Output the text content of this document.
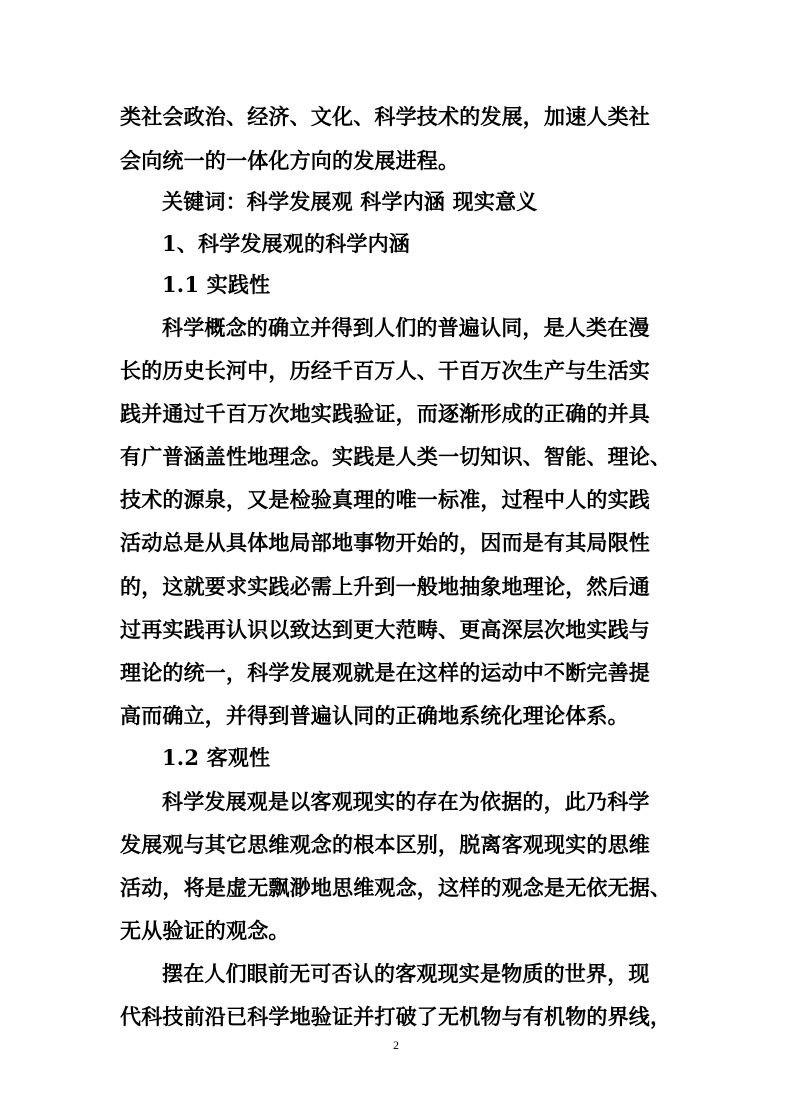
类社会政治、经济、文化、科学技术的发展，加速人类社
会向统一的一体化方向的发展进程。
关键词：科学发展观 科学内涵 现实意义
1、科学发展观的科学内涵
1.1 实践性
科学概念的确立并得到人们的普遍认同，是人类在漫
长的历史长河中，历经千百万人、干百万次生产与生活实
践并通过千百万次地实践验证，而逐渐形成的正确的并具
有广普涵盖性地理念。实践是人类一切知识、智能、理论、
技术的源泉，又是检验真理的唯一标准，过程中人的实践
活动总是从具体地局部地事物开始的，因而是有其局限性
的，这就要求实践必需上升到一般地抽象地理论，然后通
过再实践再认识以致达到更大范畴、更高深层次地实践与
理论的统一，科学发展观就是在这样的运动中不断完善提
高而确立，并得到普遍认同的正确地系统化理论体系。
1.2 客观性
科学发展观是以客观现实的存在为依据的，此乃科学
发展观与其它思维观念的根本区别，脱离客观现实的思维
活动，将是虚无飘渺地思维观念，这样的观念是无依无据、
无从验证的观念。
摆在人们眼前无可否认的客观现实是物质的世界，现
代科技前沿已科学地验证并打破了无机物与有机物的界线，
2
